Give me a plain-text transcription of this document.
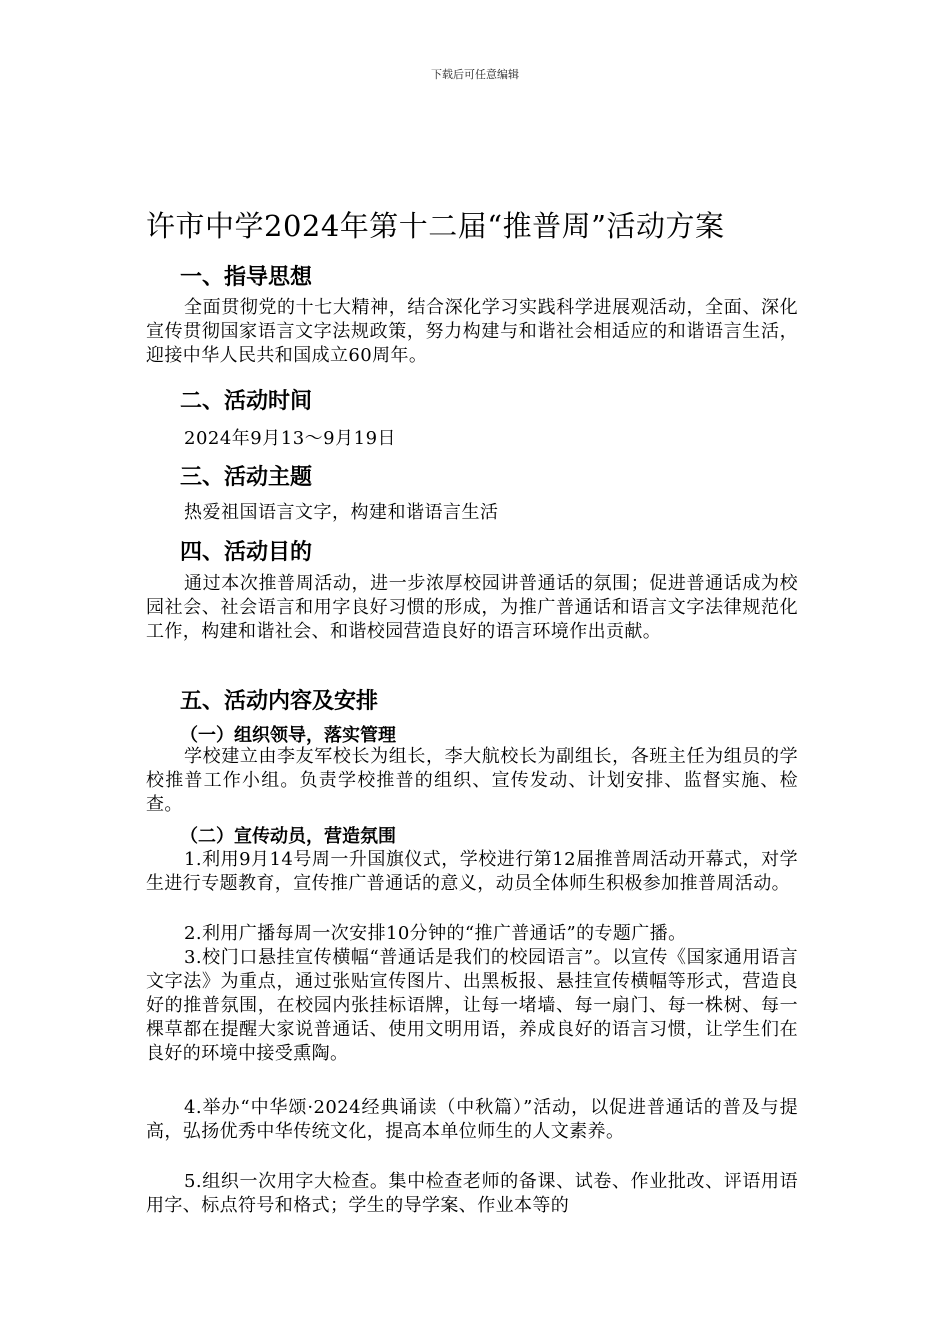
下载后可任意编辑
许市中学2024年第十二届“推普周”活动方案
一、指导思想
全面贯彻党的十七大精神，结合深化学习实践科学进展观活动，全面、深化宣传贯彻国家语言文字法规政策，努力构建与和谐社会相适应的和谐语言生活，迎接中华人民共和国成立60周年。
二、活动时间
2024年9月13～9月19日
三、活动主题
热爱祖国语言文字，构建和谐语言生活
四、活动目的
通过本次推普周活动，进一步浓厚校园讲普通话的氛围；促进普通话成为校园社会、社会语言和用字良好习惯的形成，为推广普通话和语言文字法律规范化工作，构建和谐社会、和谐校园营造良好的语言环境作出贡献。
五、活动内容及安排
（一）组织领导，落实管理
学校建立由李友军校长为组长，李大航校长为副组长，各班主任为组员的学校推普工作小组。负责学校推普的组织、宣传发动、计划安排、监督实施、检查。
（二）宣传动员，营造氛围
1.利用9月14号周一升国旗仪式，学校进行第12届推普周活动开幕式，对学生进行专题教育，宣传推广普通话的意义，动员全体师生积极参加推普周活动。
2.利用广播每周一次安排10分钟的“推广普通话”的专题广播。
3.校门口悬挂宣传横幅“普通话是我们的校园语言”。以宣传《国家通用语言文字法》为重点，通过张贴宣传图片、出黑板报、悬挂宣传横幅等形式，营造良好的推普氛围，在校园内张挂标语牌，让每一堵墙、每一扇门、每一株树、每一棵草都在提醒大家说普通话、使用文明用语，养成良好的语言习惯，让学生们在良好的环境中接受熏陶。
4.举办“中华颂·2024经典诵读（中秋篇）”活动，以促进普通话的普及与提高，弘扬优秀中华传统文化，提高本单位师生的人文素养。
5.组织一次用字大检查。集中检查老师的备课、试卷、作业批改、评语用语用字、标点符号和格式；学生的导学案、作业本等的
